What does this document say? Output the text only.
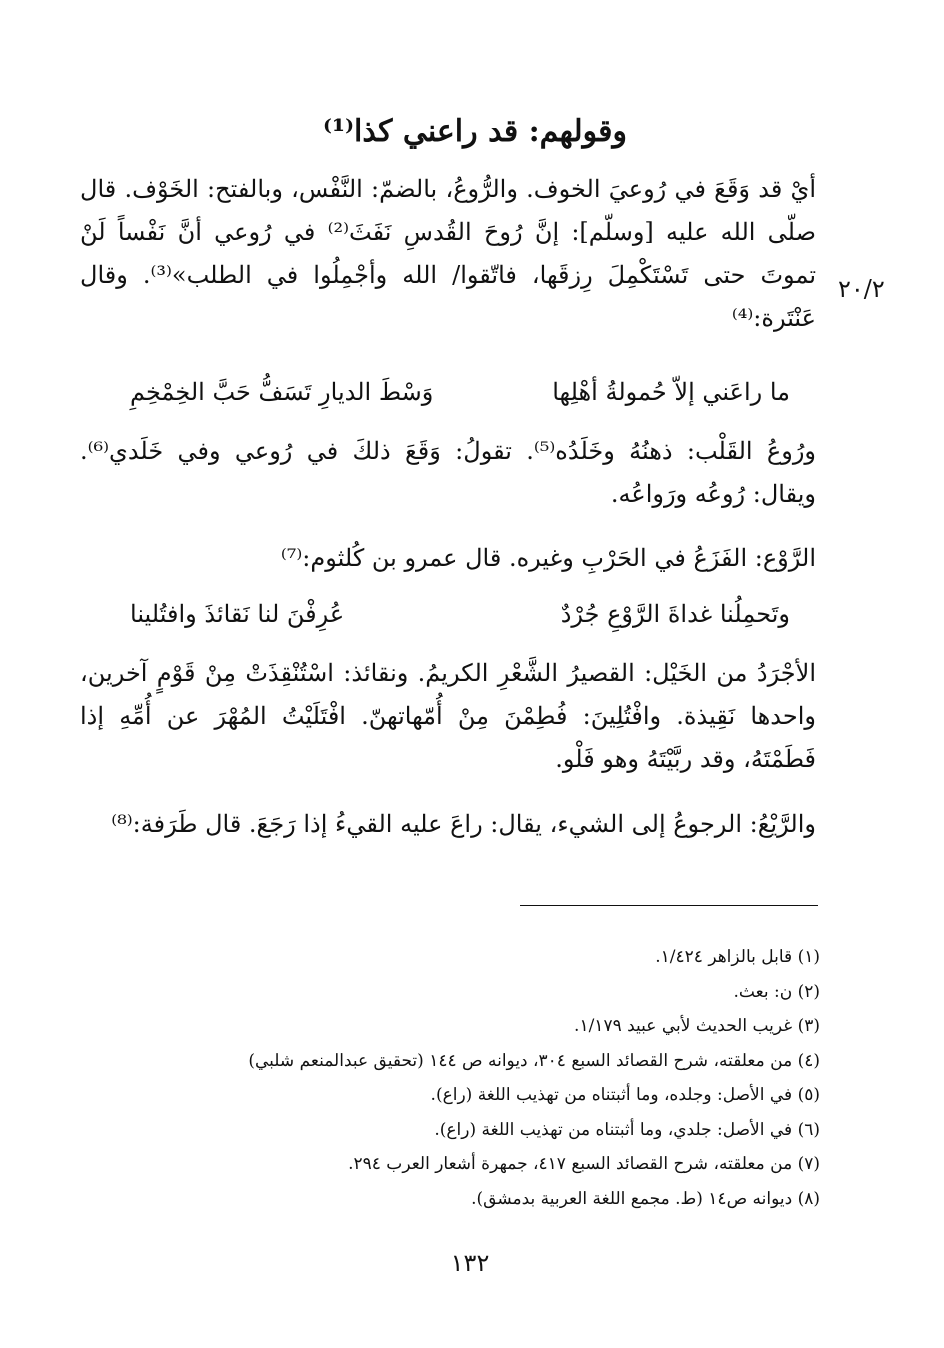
وقولهم: قد راعني كذا⁽¹⁾

أيْ قد وَقَعَ في رُوعيَ الخوف. والرُّوعُ، بالضمّ: النَّفْس، وبالفتح: الخَوْف. قال صلّى الله عليه [وسلّم]: إنَّ رُوحَ القُدسِ نَفَثَ⁽²⁾ في رُوعي أنَّ نَفْساً لَنْ تموتَ حتى تَسْتَكْمِلَ رِزقَها، فاتّقوا/ الله وأجْمِلُوا في الطلب»⁽³⁾. وقال عَنْتَرة:⁽⁴⁾

٢٠/٢
ما راعَني إلاّ حُمولةُ أهْلِها
وَسْطَ الديارِ تَسَفُّ حَبَّ الخِمْخِمِ

ورُوعُ القَلْب: ذهنُهُ وخَلَدُه⁽⁵⁾. تقولُ: وَقَعَ ذلكَ في رُوعي وفي خَلَدي⁽⁶⁾. ويقال: رُوعُه ورَواعُه.

الرَّوْع: الفَزَعُ في الحَرْبِ وغيره. قال عمرو بن كُلثوم:⁽⁷⁾

وتَحمِلُنا غداةَ الرَّوْعِ جُرْدٌ
عُرِفْنَ لنا نَقائذَ وافتُلينا

الأجْرَدُ من الخَيْل: القصيرُ الشَّعْرِ الكريمُ. ونقائذ: اسْتُنْقِذَتْ مِنْ قَوْمٍ آخرين، واحدها نَقِيذة. وافْتُلِينَ: فُطِمْنَ مِنْ أُمّهاتهنّ. افْتَلَيْتُ المُهْرَ عن أُمِّهِ إذا فَطَمْتَهُ، وقد ربَّيْتَهُ وهو فَلْو.

والرَّيْعُ: الرجوعُ إلى الشيء، يقال: راعَ عليه القيءُ إذا رَجَعَ. قال طَرَفة:⁽⁸⁾

(١) قابل بالزاهر ١/٤٢٤.
(٢) ن: بعث.
(٣) غريب الحديث لأبي عبيد ١/١٧٩.
(٤) من معلقته، شرح القصائد السبع ٣٠٤، ديوانه ص ١٤٤ (تحقيق عبدالمنعم شلبي)
(٥) في الأصل: وجلده، وما أثبتناه من تهذيب اللغة (راع).
(٦) في الأصل: جلدي، وما أثبتناه من تهذيب اللغة (راع).
(٧) من معلقته، شرح القصائد السبع ٤١٧، جمهرة أشعار العرب ٢٩٤.
(٨) ديوانه ص١٤ (ط. مجمع اللغة العربية بدمشق).
١٣٢
